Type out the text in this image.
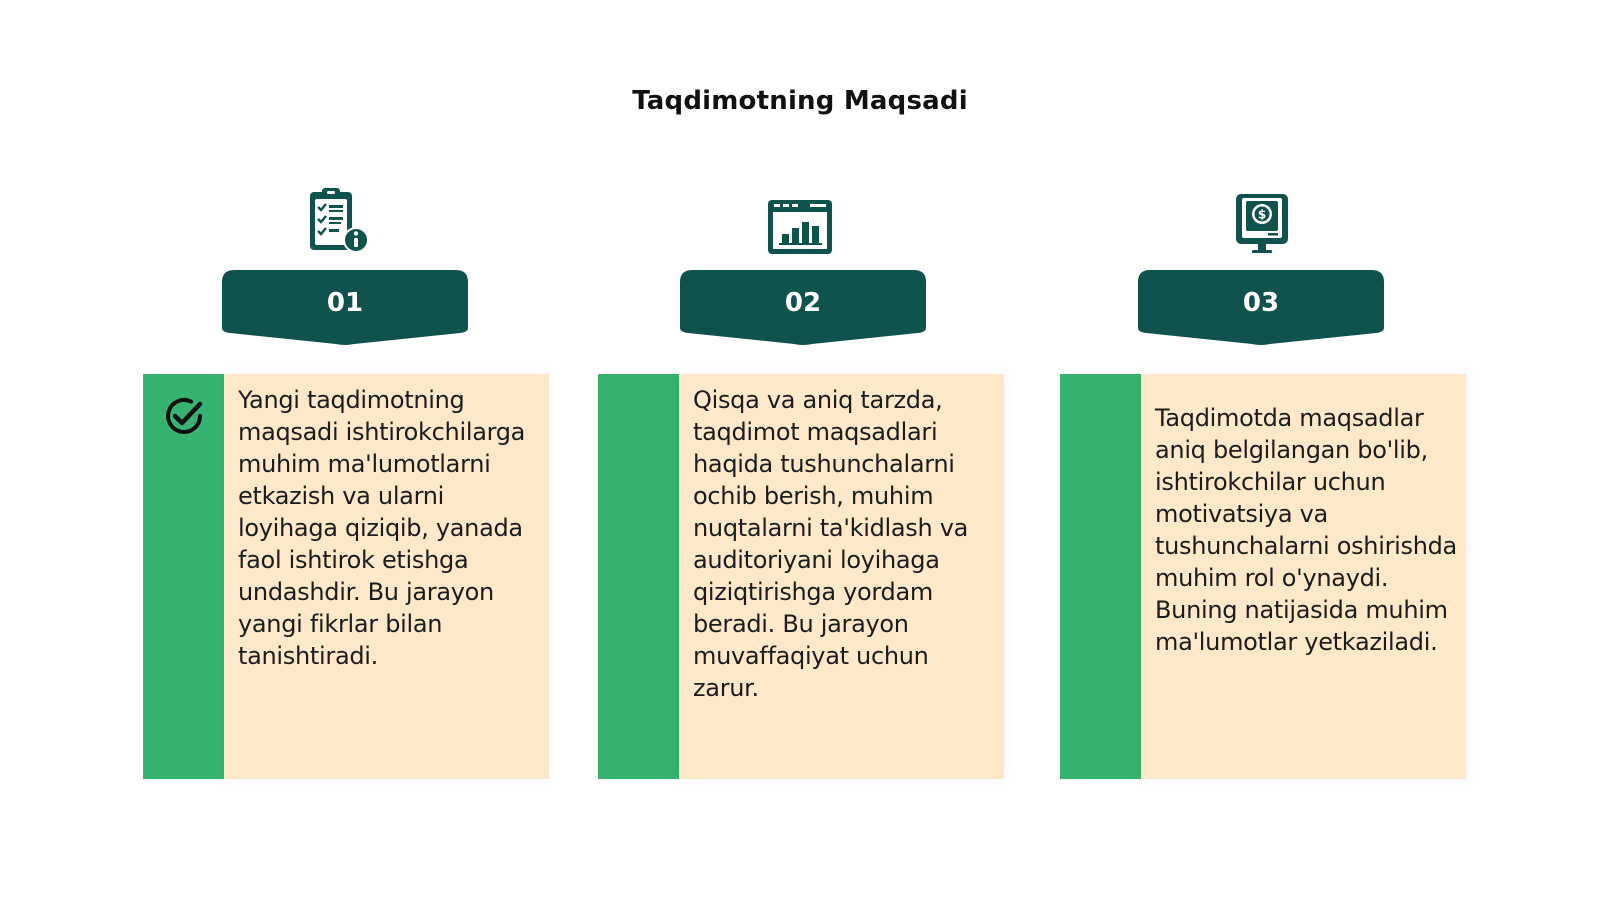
Taqdimotning Maqsadi
01
Yangi taqdimotning maqsadi ishtirokchilarga muhim ma'lumotlarni etkazish va ularni loyihaga qiziqib, yanada faol ishtirok etishga undashdir. Bu jarayon yangi fikrlar bilan tanishtiradi.
02
Qisqa va aniq tarzda, taqdimot maqsadlari haqida tushunchalarni ochib berish, muhim nuqtalarni ta'kidlash va auditoriyani loyihaga qiziqtirishga yordam beradi. Bu jarayon muvaffaqiyat uchun zarur.
$
03
Taqdimotda maqsadlar aniq belgilangan bo'lib, ishtirokchilar uchun motivatsiya va tushunchalarni oshirishda muhim rol o'ynaydi. Buning natijasida muhim ma'lumotlar yetkaziladi.
